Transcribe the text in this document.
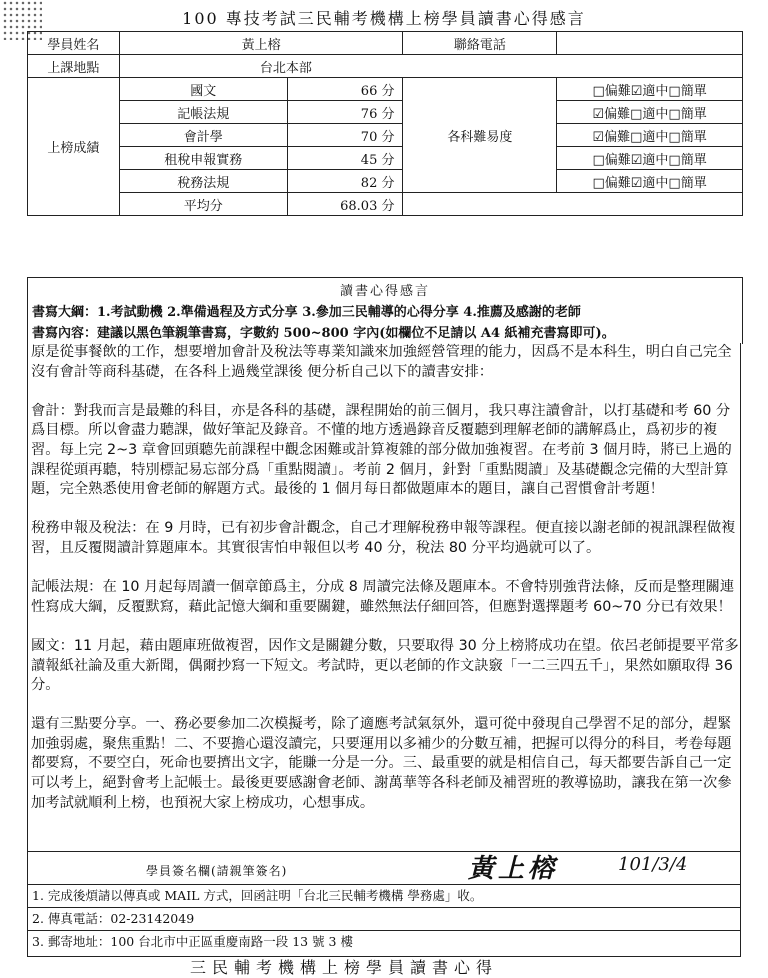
100 專技考試三民輔考機構上榜學員讀書心得感言
學員姓名	黃上榕		聯絡電話	
上課地點	台北本部			
上榜成績	國文	66 分	各科難易度	□偏難☑適中□簡單
	記帳法規	76 分		☑偏難□適中□簡單
	會計學	70 分		☑偏難□適中□簡單
	租稅申報實務	45 分		□偏難☑適中□簡單
	稅務法規	82 分		□偏難☑適中□簡單
	平均分	68.03 分		
讀書心得感言
書寫大綱：1.考試動機 2.準備過程及方式分享 3.參加三民輔導的心得分享 4.推薦及感謝的老師
書寫內容：建議以黑色筆親筆書寫，字數約 500~800 字內(如欄位不足請以 A4 紙補充書寫即可)。

原是從事餐飲的工作，想要增加會計及稅法等專業知識來加強經營管理的能力，因爲不是本科生，明白自己完全沒有會計等商科基礎，在各科上過幾堂課後 便分析自己以下的讀書安排：

會計：對我而言是最難的科目，亦是各科的基礎，課程開始的前三個月，我只專注讀會計，以打基礎和考 60 分爲目標。所以會盡力聽課，做好筆記及錄音。不懂的地方透過錄音反覆聽到理解老師的講解爲止，爲初步的複習。每上完 2~3 章會回頭聽先前課程中觀念困難或計算複雜的部分做加強複習。在考前 3 個月時，將已上過的課程從頭再聽，特別標記易忘部分爲「重點閱讀」。考前 2 個月，針對「重點閱讀」及基礎觀念完備的大型計算題，完全熟悉使用會老師的解題方式。最後的 1 個月每日都做題庫本的題目，讓自己習慣會計考題！

稅務申報及稅法：在 9 月時，已有初步會計觀念，自己才理解稅務申報等課程。便直接以謝老師的視訊課程做複習，且反覆閱讀計算題庫本。其實很害怕申報但以考 40 分，稅法 80 分平均過就可以了。

記帳法規：在 10 月起每周讀一個章節爲主，分成 8 周讀完法條及題庫本。不會特別強背法條，反而是整理關連性寫成大綱，反覆默寫，藉此記憶大綱和重要關鍵，雖然無法仔細回答，但應對選擇題考 60~70 分已有效果！

國文：11 月起，藉由題庫班做複習，因作文是關鍵分數，只要取得 30 分上榜將成功在望。依呂老師提要平常多讀報紙社論及重大新聞，偶爾抄寫一下短文。考試時，更以老師的作文訣竅「一二三四五千」，果然如願取得 36 分。

還有三點要分享。一、務必要參加二次模擬考，除了適應考試氣氛外，還可從中發現自己學習不足的部分，趕緊加強弱處，聚焦重點！二、不要擔心還沒讀完，只要運用以多補少的分數互補，把握可以得分的科目，考卷每題都要寫，不要空白，死命也要擠出文字，能賺一分是一分。三、最重要的就是相信自己，每天都要告訴自己一定可以考上，絕對會考上記帳士。最後更要感謝會老師、謝萬華等各科老師及補習班的教導協助，讓我在第一次參加考試就順利上榜，也預祝大家上榜成功，心想事成。

學員簽名欄(請親筆簽名)	黃上榕	101/3/4
1. 完成後煩請以傳真或 MAIL 方式，回函註明「台北三民輔考機構 學務處」收。
2. 傳真電話：02-23142049
3. 郵寄地址：100 台北市中正區重慶南路一段 13 號 3 樓
三民輔考機構上榜學員讀書心得
